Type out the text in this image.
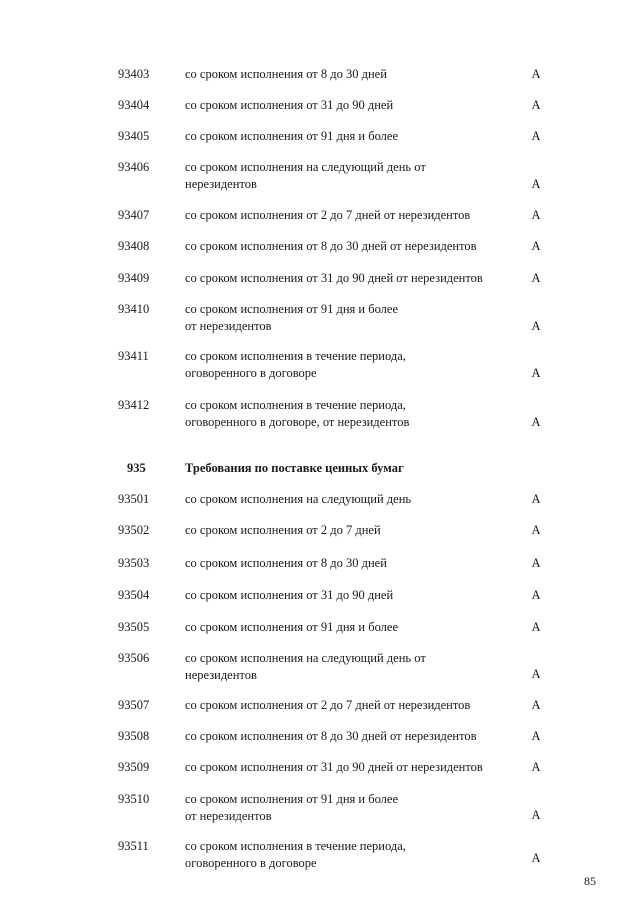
93403	со сроком исполнения от 8 до 30 дней	А
93404	со сроком исполнения от 31 до 90 дней	А
93405	со сроком исполнения от 91 дня и более	А
93406	со сроком исполнения на следующий день от
нерезидентов	А
93407	со сроком исполнения от 2 до 7 дней от нерезидентов	А
93408	со сроком исполнения от 8 до 30 дней от нерезидентов	А
93409	со сроком исполнения от 31 до 90 дней от нерезидентов	А
93410	со сроком исполнения от 91 дня и более
от нерезидентов	А
93411	со сроком исполнения в течение периода,
оговоренного в договоре	А
93412	со сроком исполнения в течение периода,
оговоренного в договоре, от нерезидентов	А
935	Требования по поставке ценных бумаг
93501	со сроком исполнения на следующий день	А
93502	со сроком исполнения от 2 до 7 дней	А
93503	со сроком исполнения от 8 до 30 дней	А
93504	со сроком исполнения от 31 до 90 дней	А
93505	со сроком исполнения от 91 дня и более	А
93506	со сроком исполнения на следующий день от
нерезидентов	А
93507	со сроком исполнения от 2 до 7 дней от нерезидентов	А
93508	со сроком исполнения от 8 до 30 дней от нерезидентов	А
93509	со сроком исполнения от 31 до 90 дней от нерезидентов	А
93510	со сроком исполнения от 91 дня и более
от нерезидентов	А
93511	со сроком исполнения в течение периода,
оговоренного в договоре	А
85
